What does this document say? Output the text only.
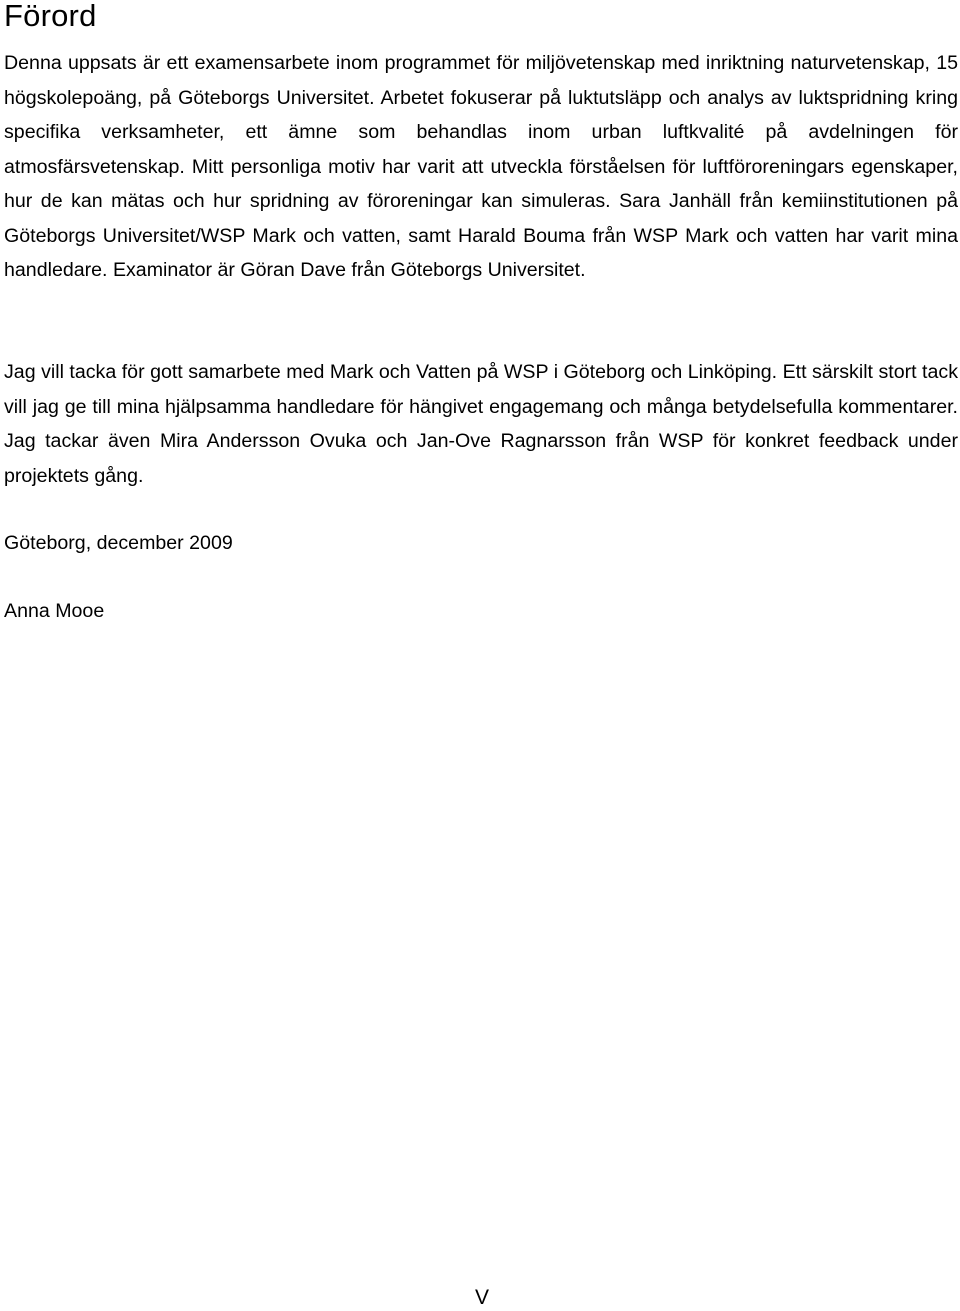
Förord

Denna uppsats är ett examensarbete inom programmet för miljövetenskap med inriktning naturvetenskap, 15 högskolepoäng, på Göteborgs Universitet. Arbetet fokuserar på luktutsläpp och analys av luktspridning kring specifika verksamheter, ett ämne som behandlas inom urban luftkvalité på avdelningen för atmosfärsvetenskap. Mitt personliga motiv har varit att utveckla förståelsen för luftföroreningars egenskaper, hur de kan mätas och hur spridning av föroreningar kan simuleras. Sara Janhäll från kemiinstitutionen på Göteborgs Universitet/WSP Mark och vatten, samt Harald Bouma från WSP Mark och vatten har varit mina handledare. Examinator är Göran Dave från Göteborgs Universitet.

Jag vill tacka för gott samarbete med Mark och Vatten på WSP i Göteborg och Linköping. Ett särskilt stort tack vill jag ge till mina hjälpsamma handledare för hängivet engagemang och många betydelsefulla kommentarer. Jag tackar även Mira Andersson Ovuka och Jan-Ove Ragnarsson från WSP för konkret feedback under projektets gång.

Göteborg, december 2009

Anna Mooe

V
